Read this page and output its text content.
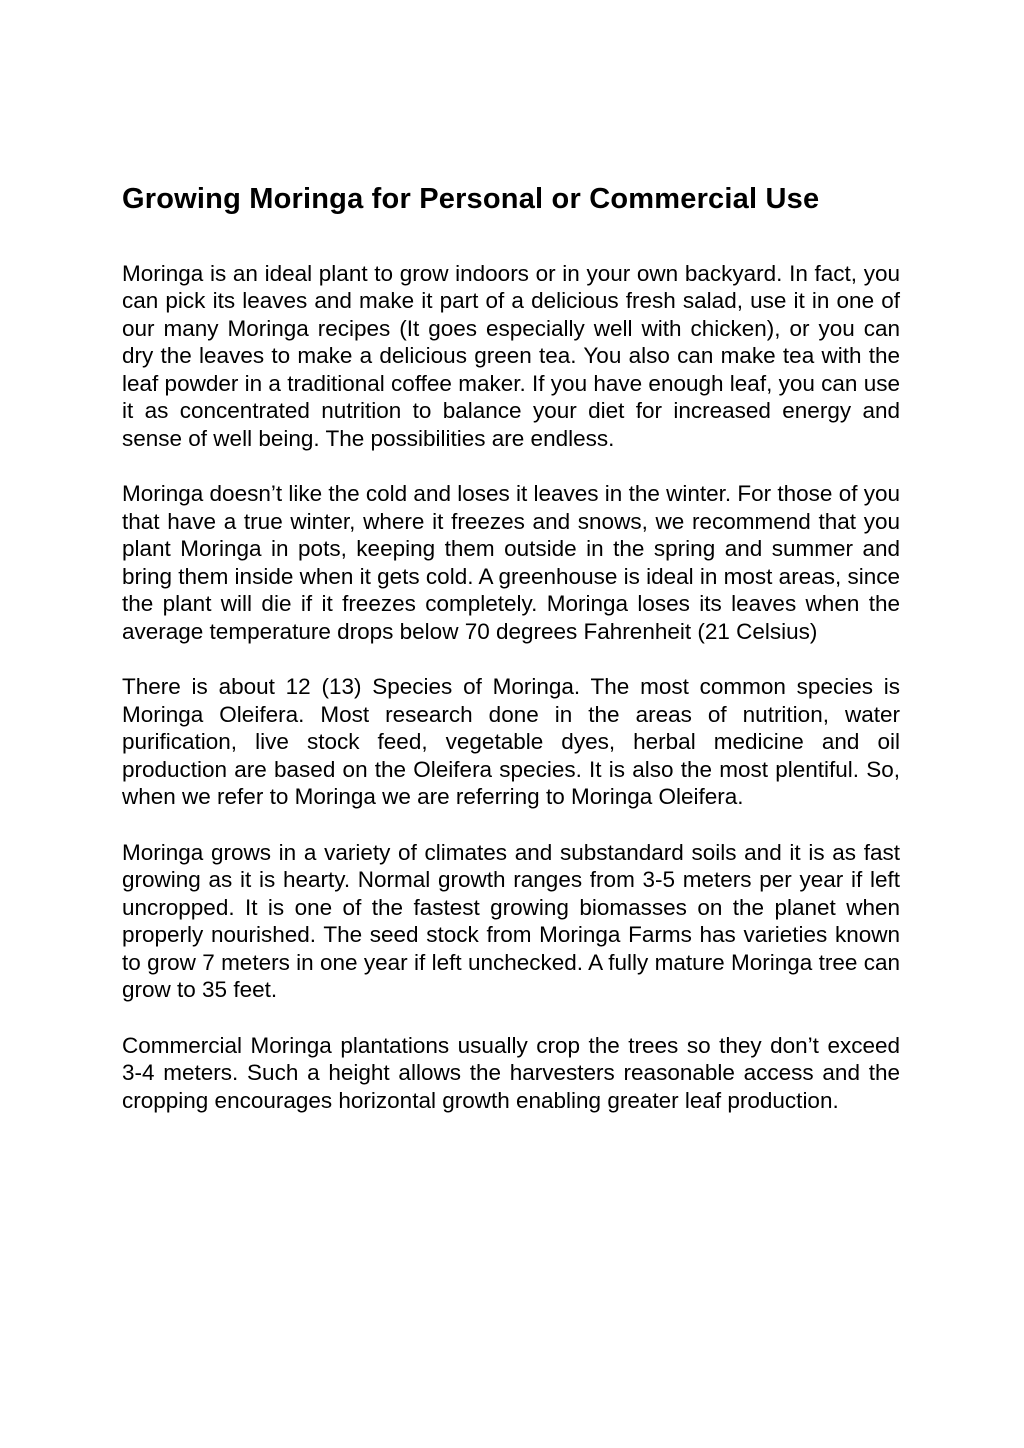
Growing Moringa for Personal or Commercial Use

Moringa is an ideal plant to grow indoors or in your own backyard. In fact, you can pick its leaves and make it part of a delicious fresh salad, use it in one of our many Moringa recipes (It goes especially well with chicken), or you can dry the leaves to make a delicious green tea. You also can make tea with the leaf powder in a traditional coffee maker. If you have enough leaf, you can use it as concentrated nutrition to balance your diet for increased energy and sense of well being. The possibilities are endless.

Moringa doesn’t like the cold and loses it leaves in the winter. For those of you that have a true winter, where it freezes and snows, we recommend that you plant Moringa in pots, keeping them outside in the spring and summer and bring them inside when it gets cold. A greenhouse is ideal in most areas, since the plant will die if it freezes completely. Moringa loses its leaves when the average temperature drops below 70 degrees Fahrenheit (21 Celsius)

There is about 12 (13) Species of Moringa. The most common species is Moringa Oleifera. Most research done in the areas of nutrition, water purification, live stock feed, vegetable dyes, herbal medicine and oil production are based on the Oleifera species. It is also the most plentiful. So, when we refer to Moringa we are referring to Moringa Oleifera.

Moringa grows in a variety of climates and substandard soils and it is as fast growing as it is hearty. Normal growth ranges from 3-5 meters per year if left uncropped. It is one of the fastest growing biomasses on the planet when properly nourished. The seed stock from Moringa Farms has varieties known to grow 7 meters in one year if left unchecked. A fully mature Moringa tree can grow to 35 feet.

Commercial Moringa plantations usually crop the trees so they don’t exceed 3-4 meters. Such a height allows the harvesters reasonable access and the cropping encourages horizontal growth enabling greater leaf production.
